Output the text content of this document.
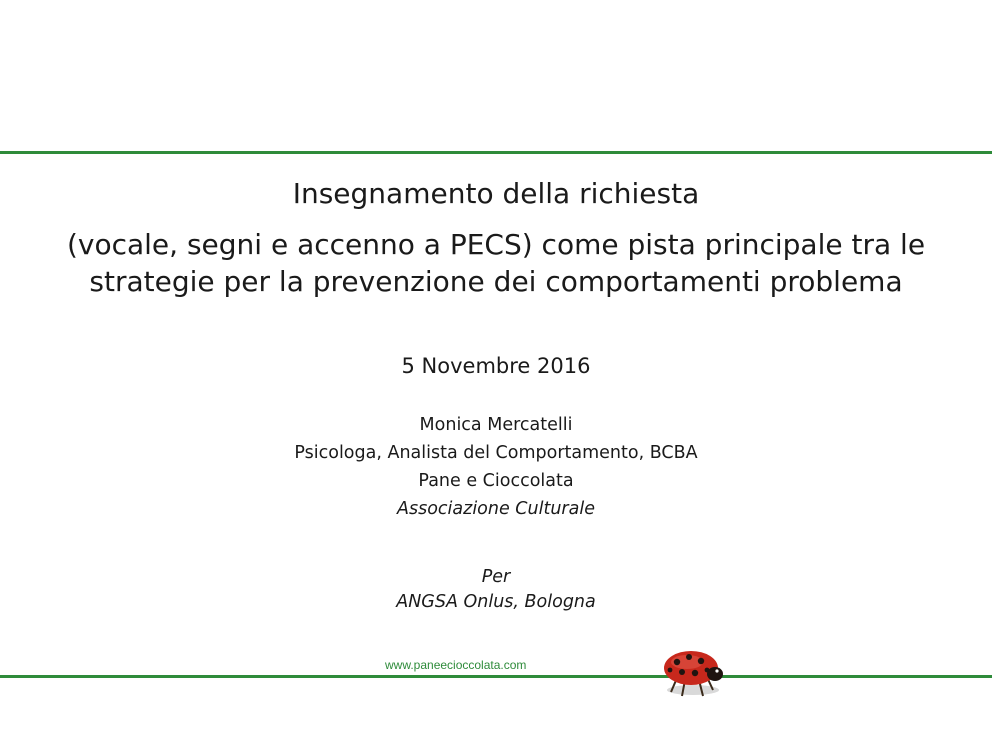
Insegnamento della richiesta
(vocale, segni e accenno a PECS) come pista principale tra le
strategie per la prevenzione dei comportamenti problema
5 Novembre 2016
Monica Mercatelli
Psicologa, Analista del Comportamento, BCBA
Pane e Cioccolata
Associazione Culturale
Per
ANGSA Onlus, Bologna
www.paneecioccolata.com
